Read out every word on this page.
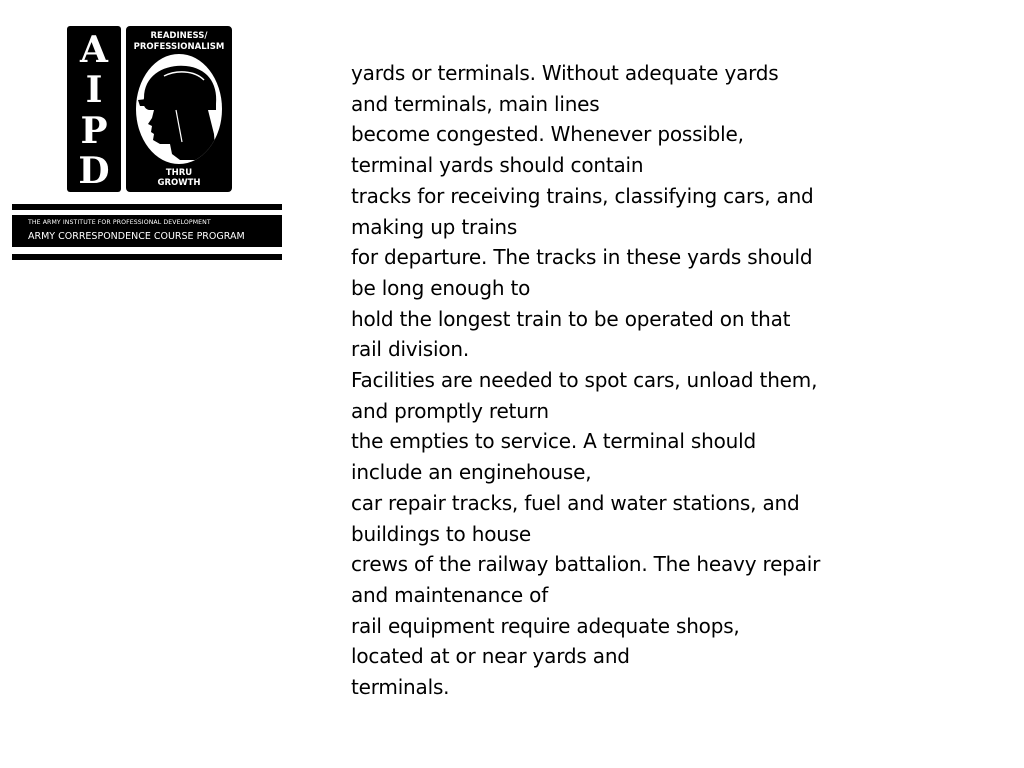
A
I
P
D
READINESS/
PROFESSIONALISM
THRU
GROWTH
THE ARMY INSTITUTE FOR PROFESSIONAL DEVELOPMENT
ARMY CORRESPONDENCE COURSE PROGRAM
yards or terminals. Without adequate yards
and terminals, main lines
become congested. Whenever possible,
terminal yards should contain
tracks for receiving trains, classifying cars, and
making up trains
for departure. The tracks in these yards should
be long enough to
hold the longest train to be operated on that
rail division.
Facilities are needed to spot cars, unload them,
and promptly return
the empties to service. A terminal should
include an enginehouse,
car repair tracks, fuel and water stations, and
buildings to house
crews of the railway battalion. The heavy repair
and maintenance of
rail equipment require adequate shops,
located at or near yards and
terminals.
